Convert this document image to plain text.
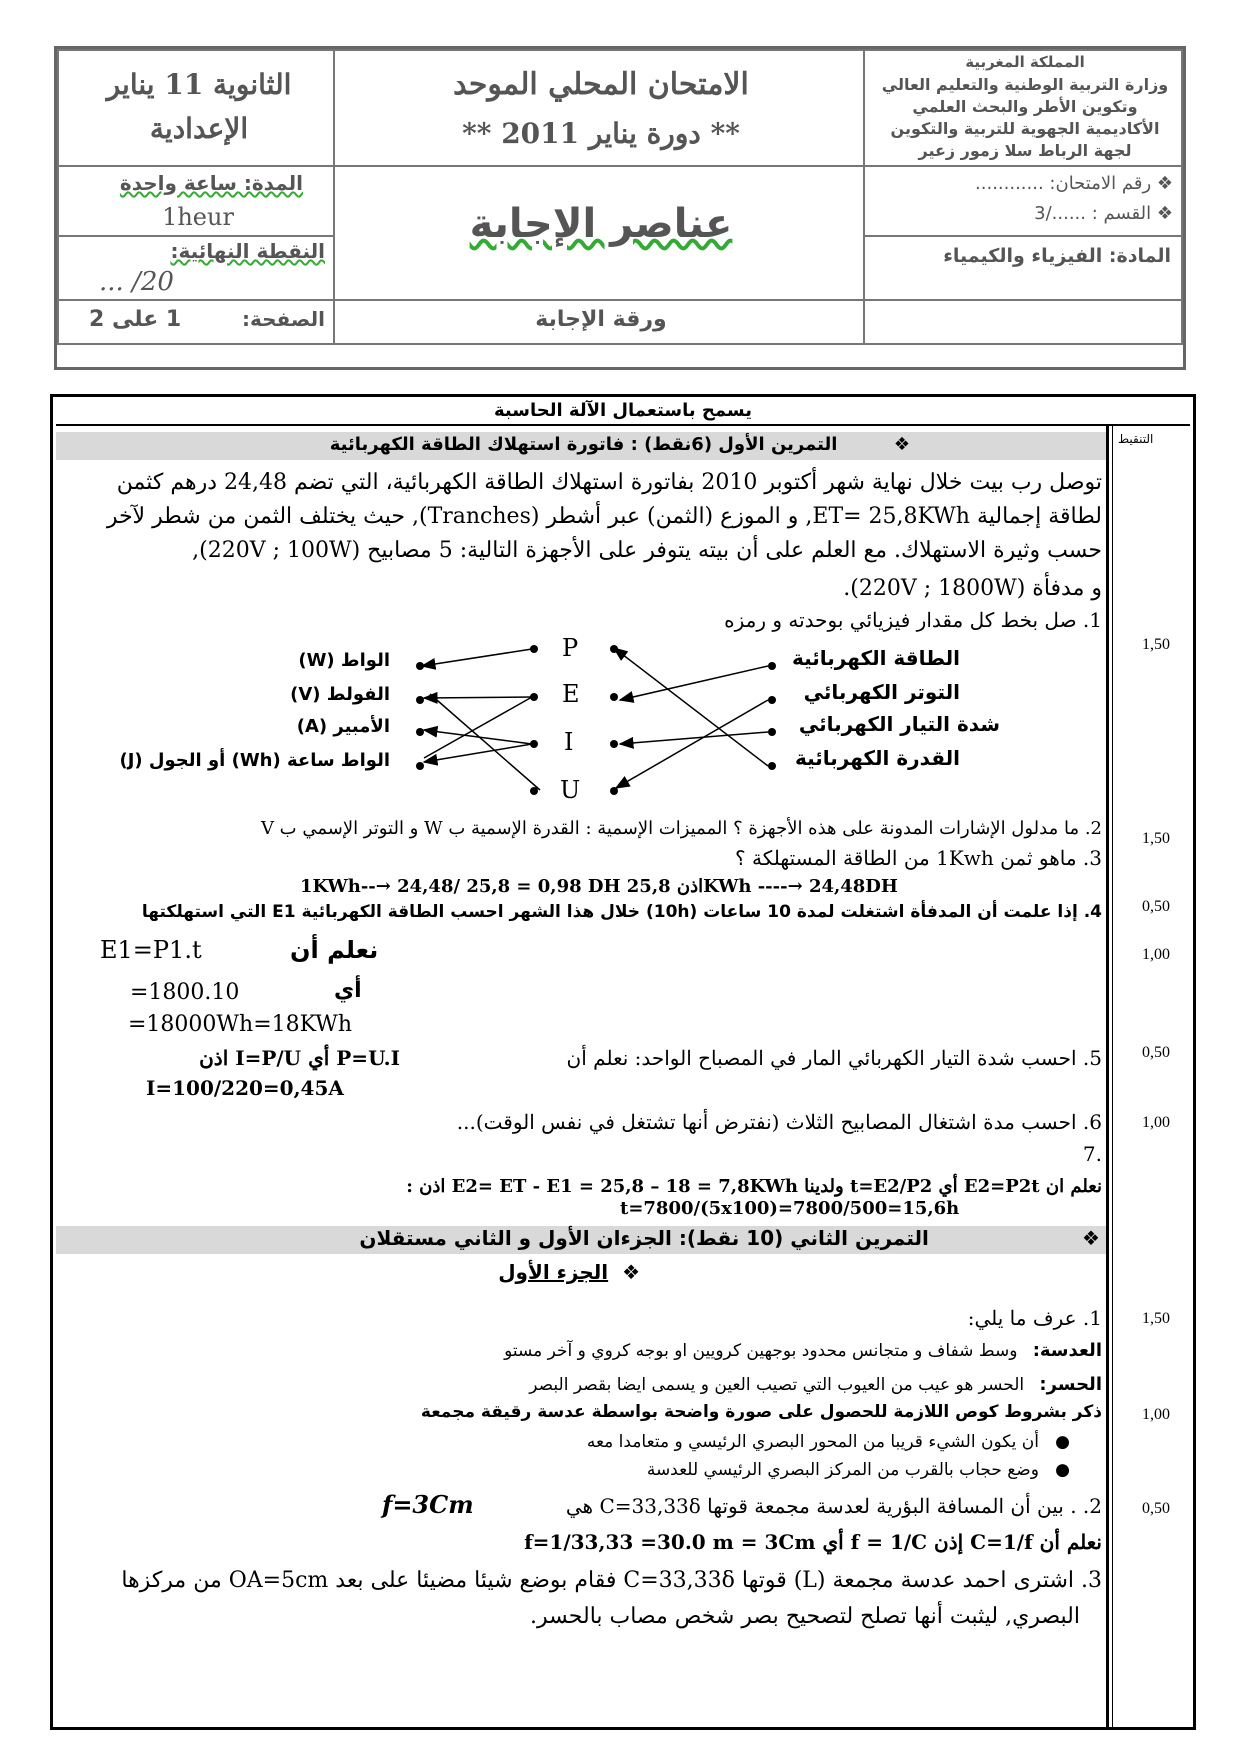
الثانوية 11 يناير الإعدادية
المدة: ساعة واحدة
1heur
النقطة النهائية:
... /20
الصفحة:
1 على 2
الامتحان المحلي الموحد
** دورة يناير 2011 **
عناصر الإجابة
ورقة الإجابة
المملكة المغربية
وزارة التربية الوطنية والتعليم العالي
وتكوين الأطر والبحث العلمي
الأكاديمية الجهوية للتربية والتكوين
لجهة الرباط سلا زمور زعير
❖ رقم الامتحان: ............
❖ القسم : ....../3
المادة: الفيزياء والكيمياء
يسمح باستعمال الآلة الحاسبة
التنقيط
❖         التمرين الأول (6نقط) : فاتورة استهلاك الطاقة الكهربائية
توصل رب بيت خلال نهاية شهر أكتوبر 2010 بفاتورة استهلاك الطاقة الكهربائية، التي تضم 24,48 درهم كثمن
لطاقة إجمالية ET= 25,8KWh, و الموزع (الثمن) عبر أشطر (Tranches), حيث يختلف الثمن من شطر لآخر
حسب وثيرة الاستهلاك. مع العلم على أن بيته يتوفر على الأجهزة التالية: 5 مصابيح (220V ; 100W),
و مدفأة (220V ; 1800W).
1. صل بخط كل مقدار فيزيائي بوحدته و رمزه
الطاقة الكهربائية
التوتر الكهربائي
شدة التيار الكهربائي
القدرة الكهربائية
P
E
I
U
الواط (W)
الفولط (V)
الأمبير (A)
الواط ساعة (Wh) أو الجول (J)
2. ما مدلول الإشارات المدونة على هذه الأجهزة ؟ المميزات الإسمية : القدرة الإسمية ب W و التوتر الإسمي ب V
3. ماهو ثمن 1Kwh من الطاقة المستهلكة ؟
1KWh--→ 24,48/ 25,8 = 0,98 DH اذن 25,8KWh ----→ 24,48DH
4. إذا علمت أن المدفأة اشتغلت لمدة 10 ساعات (10h) خلال هذا الشهر احسب الطاقة الكهربائية E1 التي استهلكتها
نعلم أن
E1=P1.t
أي
=1800.10
=18000Wh=18KWh
5. احسب شدة التيار الكهربائي المار في المصباح الواحد: نعلم أن
P=U.I أي I=P/U اذن
I=100/220=0,45A
6. احسب مدة اشتغال المصابيح الثلاث (نفترض أنها تشتغل في نفس الوقت)...
.7
نعلم ان E2=P2t أي t=E2/P2 ولدينا E2= ET - E1 = 25,8 – 18 = 7,8KWh اذن :
t=7800/(5x100)=7800/500=15,6h
❖                      التمرين الثاني (10 نقط): الجزءان الأول و الثاني مستقلان
❖  الجزء الأول
1. عرف ما يلي:
العدسة:   وسط شفاف و متجانس محدود بوجهين كرويين او بوجه كروي و آخر مستو
الحسر:   الحسر هو عيب من العيوب التي تصيب العين و يسمى ايضا بقصر البصر
ذكر بشروط كوص اللازمة للحصول على صورة واضحة بواسطة عدسة رقيقة مجمعة
●   أن يكون الشيء قريبا من المحور البصري الرئيسي و متعامدا معه
●   وضع حجاب بالقرب من المركز البصري الرئيسي للعدسة
2. . بين أن المسافة البؤرية لعدسة مجمعة قوتها C=33,33δ هي
f=3Cm
نعلم أن C=1/f إذن f = 1/C أي f=1/33,33 =30.0 m = 3Cm
3. اشترى احمد عدسة مجمعة (L) قوتها C=33,33δ فقام بوضع شيئا مضيئا على بعد OA=5cm من مركزها
البصري, ليثبت أنها تصلح لتصحيح بصر شخص مصاب بالحسر.
1,50
1,50
0,50
1,00
0,50
1,00
1,50
1,00
0,50
